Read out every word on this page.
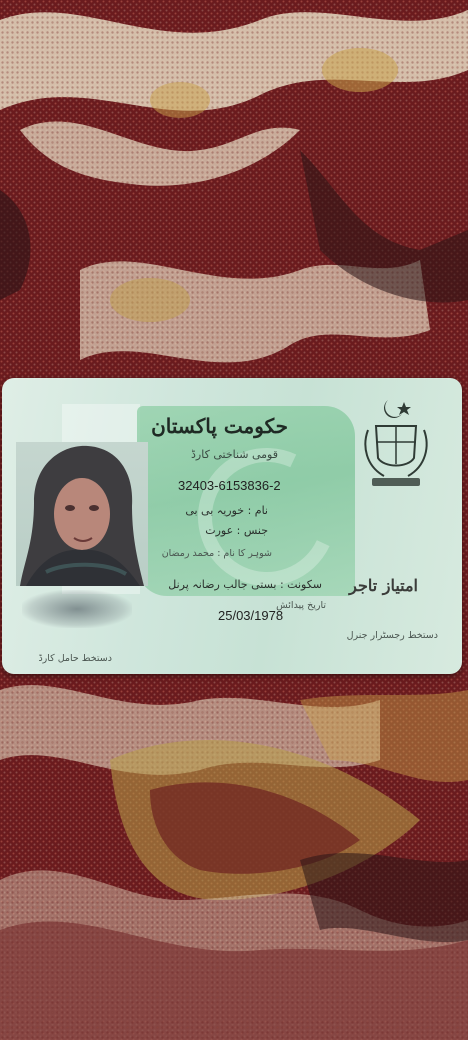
حکومت پاکستان
قومی شناختی کارڈ
32403-6153836-2
نام : خوریہ بی بی
جنس : عورت
شوہر کا نام : محمد رمضان
سکونت : بستی جالب رضانہ پرنل	امتیاز تاجر
تاریخ پیدائش
25/03/1978
دستخط حامل کارڈ
دستخط رجسٹرار جنرل
